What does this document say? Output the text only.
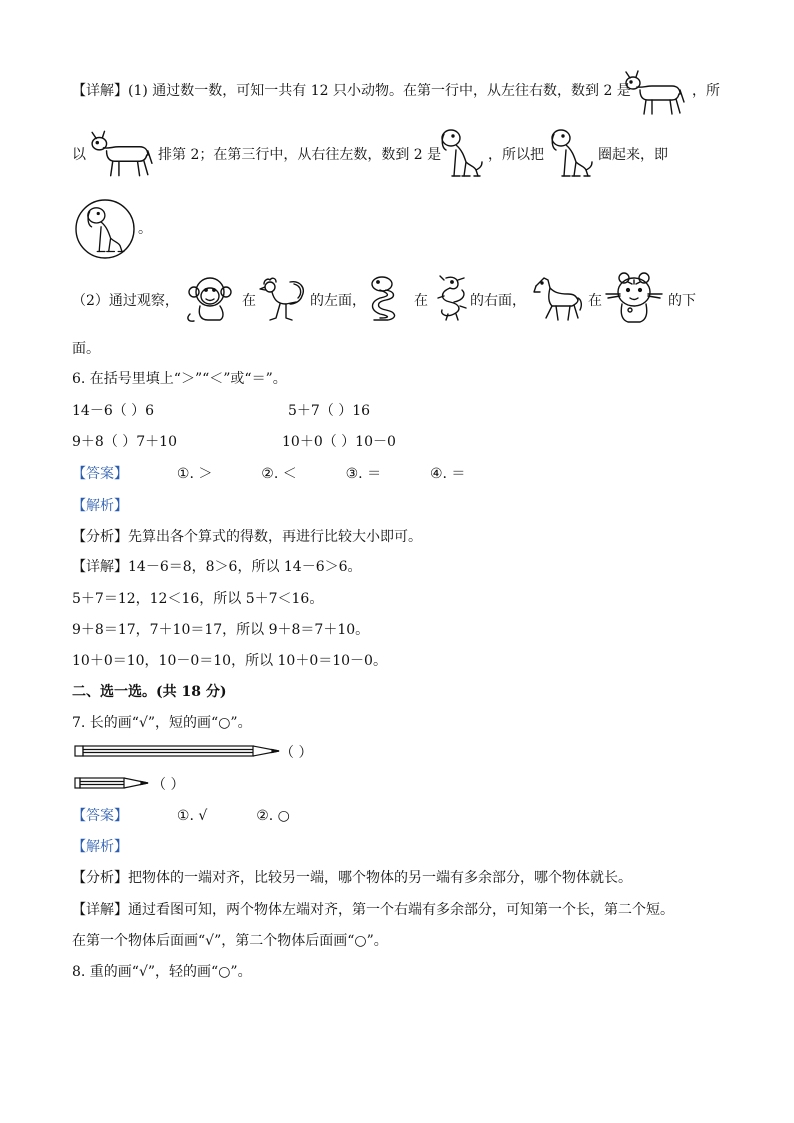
【详解】(1) 通过数一数，可知一共有 12 只小动物。在第一行中，从左往右数，数到 2 是	，所
以	排第 2；在第三行中，从右往左数，数到 2 是	，所以把	圈起来，即
。
（2）通过观察，	在	的左面，	在	的右面，	在	的下
面。
6. 在括号里填上“＞”“＜”或“＝”。
14－6（ ）6	5＋7（ ）16
9＋8（ ）7＋10	10＋0（ ）10－0
【答案】	①. ＞	②. ＜	③. ＝	④. ＝
【解析】
【分析】先算出各个算式的得数，再进行比较大小即可。
【详解】14－6＝8，8＞6，所以 14－6＞6。
5＋7＝12，12＜16，所以 5＋7＜16。
9＋8＝17，7＋10＝17，所以 9＋8＝7＋10。
10＋0＝10，10－0＝10，所以 10＋0＝10－0。
二、选一选。(共 18 分)
7. 长的画“√”，短的画“○”。
（ ）
（ ）
【答案】	①. √	②. ○
【解析】
【分析】把物体的一端对齐，比较另一端，哪个物体的另一端有多余部分，哪个物体就长。
【详解】通过看图可知，两个物体左端对齐，第一个右端有多余部分，可知第一个长，第二个短。
在第一个物体后面画“√”，第二个物体后面画“○”。
8. 重的画“√”，轻的画“○”。
